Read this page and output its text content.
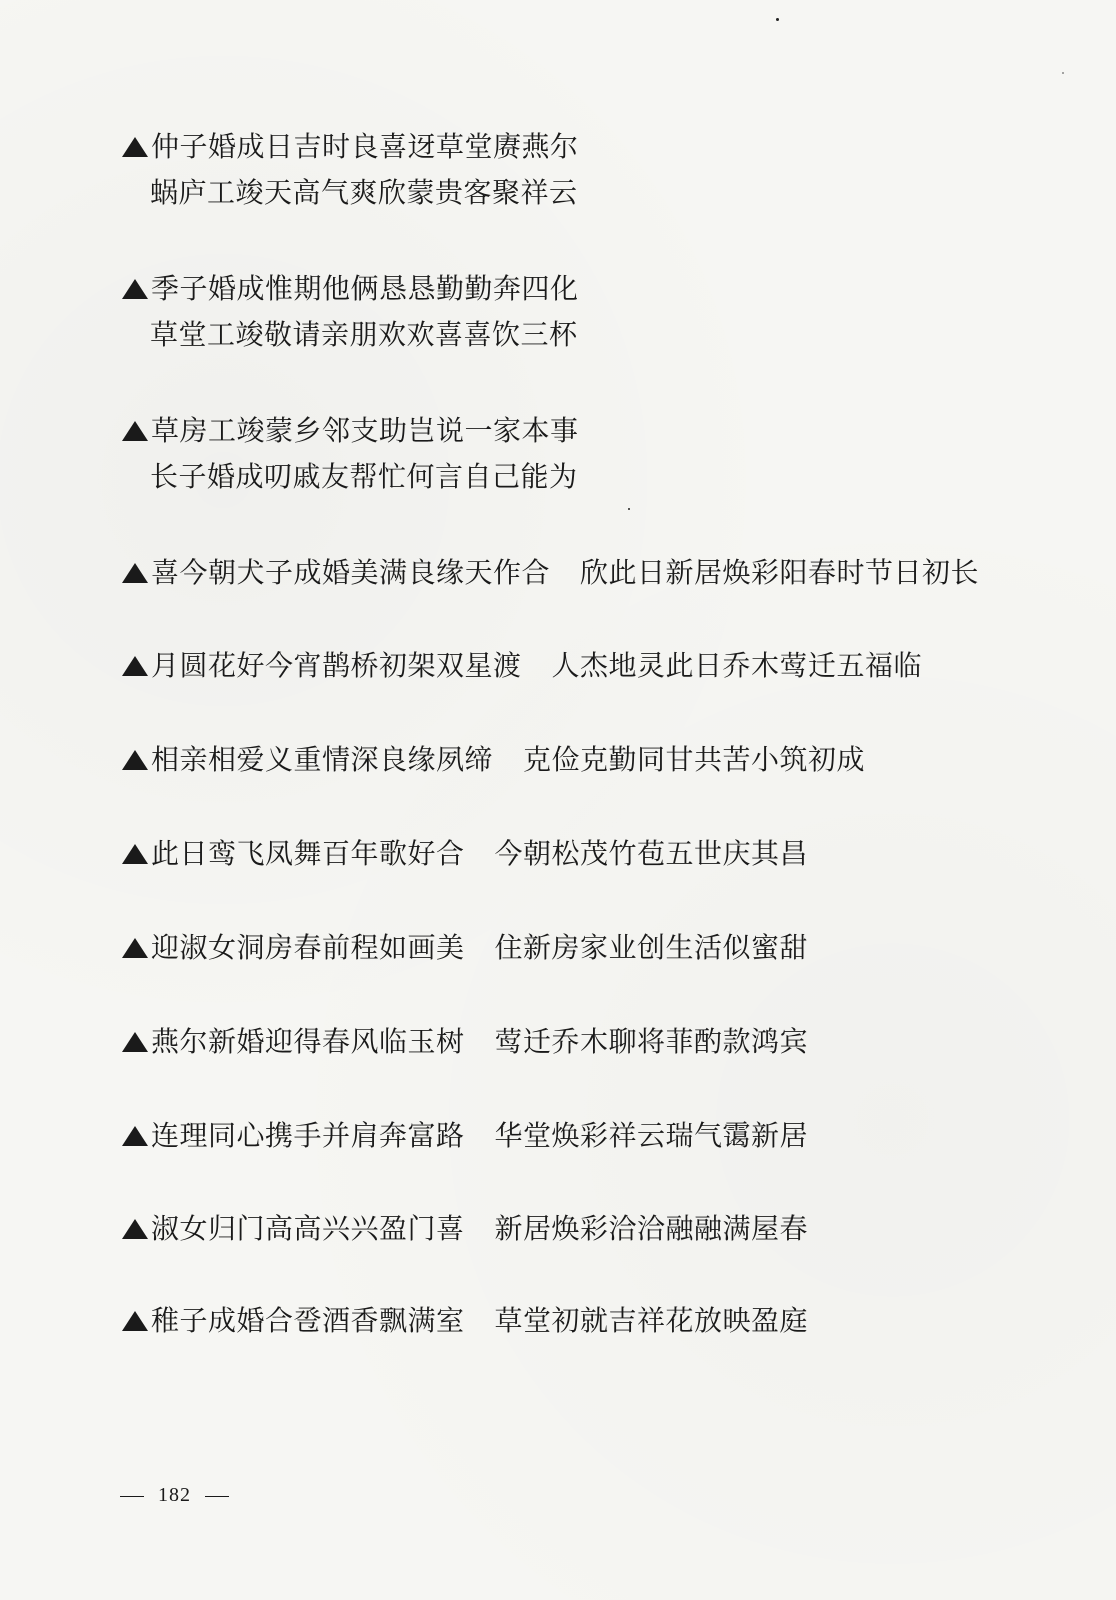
仲子婚成日吉时良喜迓草堂赓燕尔
蜗庐工竣天高气爽欣蒙贵客聚祥云
季子婚成惟期他俩恳恳勤勤奔四化
草堂工竣敬请亲朋欢欢喜喜饮三杯
草房工竣蒙乡邻支助岂说一家本事
长子婚成叨戚友帮忙何言自己能为
喜今朝犬子成婚美满良缘天作合 欣此日新居焕彩阳春时节日初长
月圆花好今宵鹊桥初架双星渡 人杰地灵此日乔木莺迁五福临
相亲相爱义重情深良缘夙缔 克俭克勤同甘共苦小筑初成
此日鸾飞凤舞百年歌好合 今朝松茂竹苞五世庆其昌
迎淑女洞房春前程如画美 住新房家业创生活似蜜甜
燕尔新婚迎得春风临玉树 莺迁乔木聊将菲酌款鸿宾
连理同心携手并肩奔富路 华堂焕彩祥云瑞气霭新居
淑女归门高高兴兴盈门喜 新居焕彩洽洽融融满屋春
稚子成婚合卺酒香飘满室 草堂初就吉祥花放映盈庭
182
